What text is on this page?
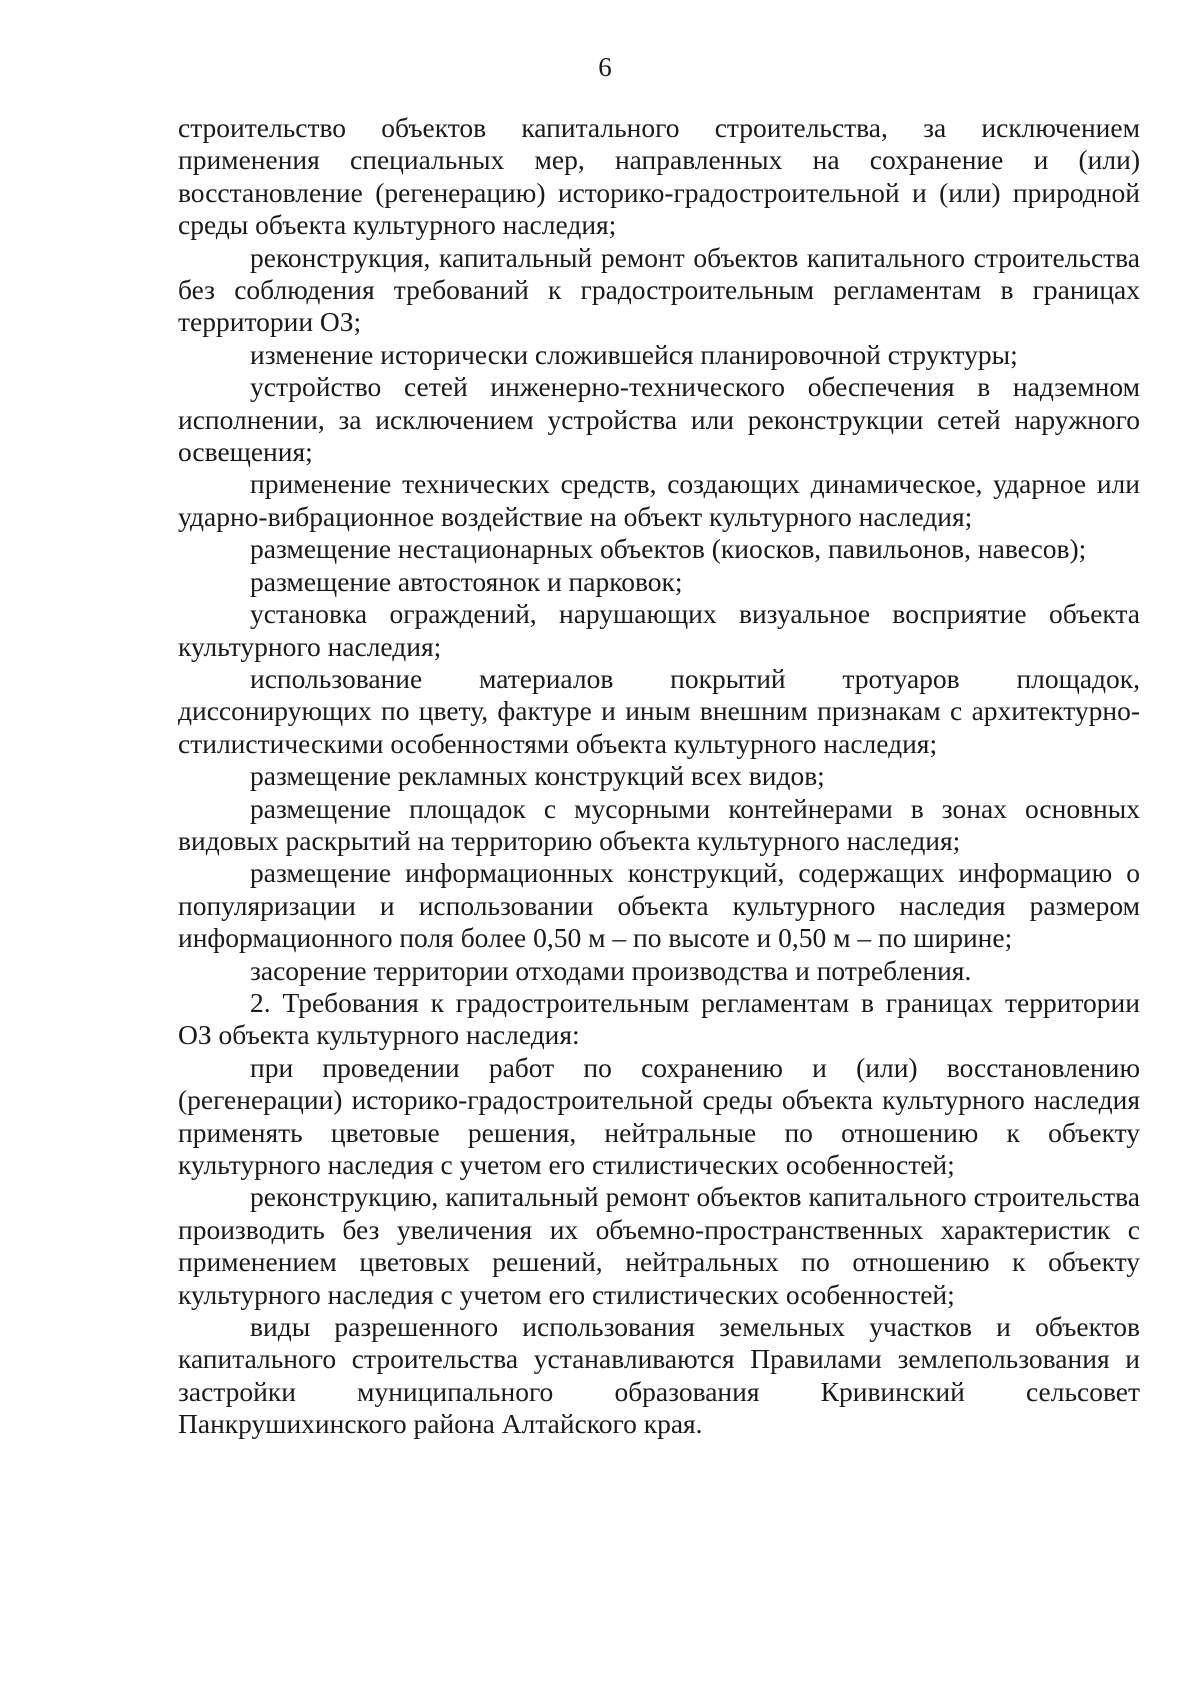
6

строительство объектов капитального строительства, за исключением применения специальных мер, направленных на сохранение и (или) восстановление (регенерацию) историко-градостроительной и (или) природной среды объекта культурного наследия;

реконструкция, капитальный ремонт объектов капитального строительства без соблюдения требований к градостроительным регламентам в границах территории ОЗ;

изменение исторически сложившейся планировочной структуры;

устройство сетей инженерно-технического обеспечения в надземном исполнении, за исключением устройства или реконструкции сетей наружного освещения;

применение технических средств, создающих динамическое, ударное или ударно-вибрационное воздействие на объект культурного наследия;

размещение нестационарных объектов (киосков, павильонов, навесов);

размещение автостоянок и парковок;

установка ограждений, нарушающих визуальное восприятие объекта культурного наследия;

использование материалов покрытий тротуаров площадок, диссонирующих по цвету, фактуре и иным внешним признакам с архитектурно-стилистическими особенностями объекта культурного наследия;

размещение рекламных конструкций всех видов;

размещение площадок с мусорными контейнерами в зонах основных видовых раскрытий на территорию объекта культурного наследия;

размещение информационных конструкций, содержащих информацию о популяризации и использовании объекта культурного наследия размером информационного поля более 0,50 м – по высоте и 0,50 м – по ширине;

засорение территории отходами производства и потребления.

2. Требования к градостроительным регламентам в границах территории ОЗ объекта культурного наследия:

при проведении работ по сохранению и (или) восстановлению (регенерации) историко-градостроительной среды объекта культурного наследия применять цветовые решения, нейтральные по отношению к объекту культурного наследия с учетом его стилистических особенностей;

реконструкцию, капитальный ремонт объектов капитального строительства производить без увеличения их объемно-пространственных характеристик с применением цветовых решений, нейтральных по отношению к объекту культурного наследия с учетом его стилистических особенностей;

виды разрешенного использования земельных участков и объектов капитального строительства устанавливаются Правилами землепользования и застройки муниципального образования Кривинский сельсовет Панкрушихинского района Алтайского края.
